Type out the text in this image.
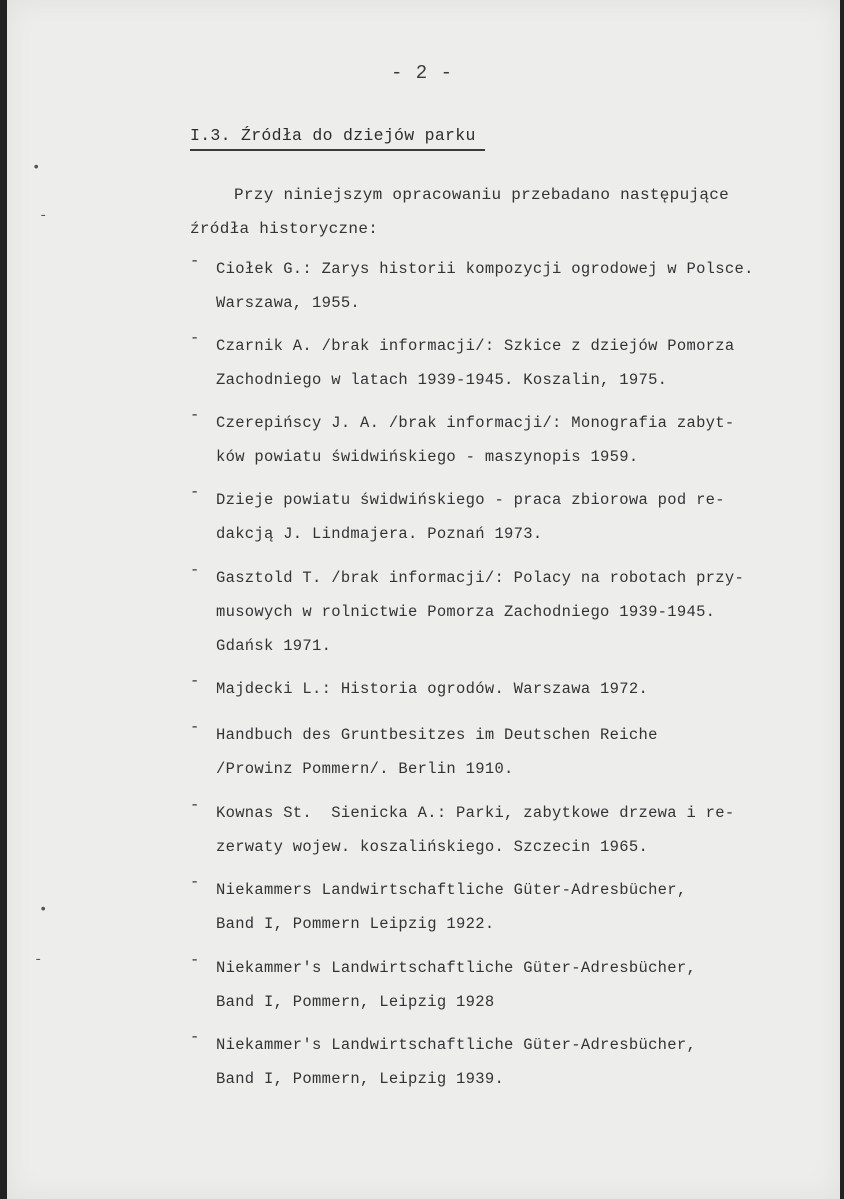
•
-
•
-
- 2 -
I.3. Źródła do dziejów parku
Przy niniejszym opracowaniu przebadano następujące
źródła historyczne:
-	Ciołek G.: Zarys historii kompozycji ogrodowej w Polsce.
Warszawa, 1955.
-	Czarnik A. /brak informacji/: Szkice z dziejów Pomorza
Zachodniego w latach 1939-1945. Koszalin, 1975.
-	Czerepińscy J. A. /brak informacji/: Monografia zabyt-
ków powiatu świdwińskiego - maszynopis 1959.
-	Dzieje powiatu świdwińskiego - praca zbiorowa pod re-
dakcją J. Lindmajera. Poznań 1973.
-	Gasztold T. /brak informacji/: Polacy na robotach przy-
musowych w rolnictwie Pomorza Zachodniego 1939-1945.
Gdańsk 1971.
-	Majdecki L.: Historia ogrodów. Warszawa 1972.
-	Handbuch des Gruntbesitzes im Deutschen Reiche
/Prowinz Pommern/. Berlin 1910.
-	Kownas St.  Sienicka A.: Parki, zabytkowe drzewa i re-
zerwaty wojew. koszalińskiego. Szczecin 1965.
-	Niekammers Landwirtschaftliche Güter-Adresbücher,
Band I, Pommern Leipzig 1922.
-	Niekammer's Landwirtschaftliche Güter-Adresbücher,
Band I, Pommern, Leipzig 1928
-	Niekammer's Landwirtschaftliche Güter-Adresbücher,
Band I, Pommern, Leipzig 1939.
